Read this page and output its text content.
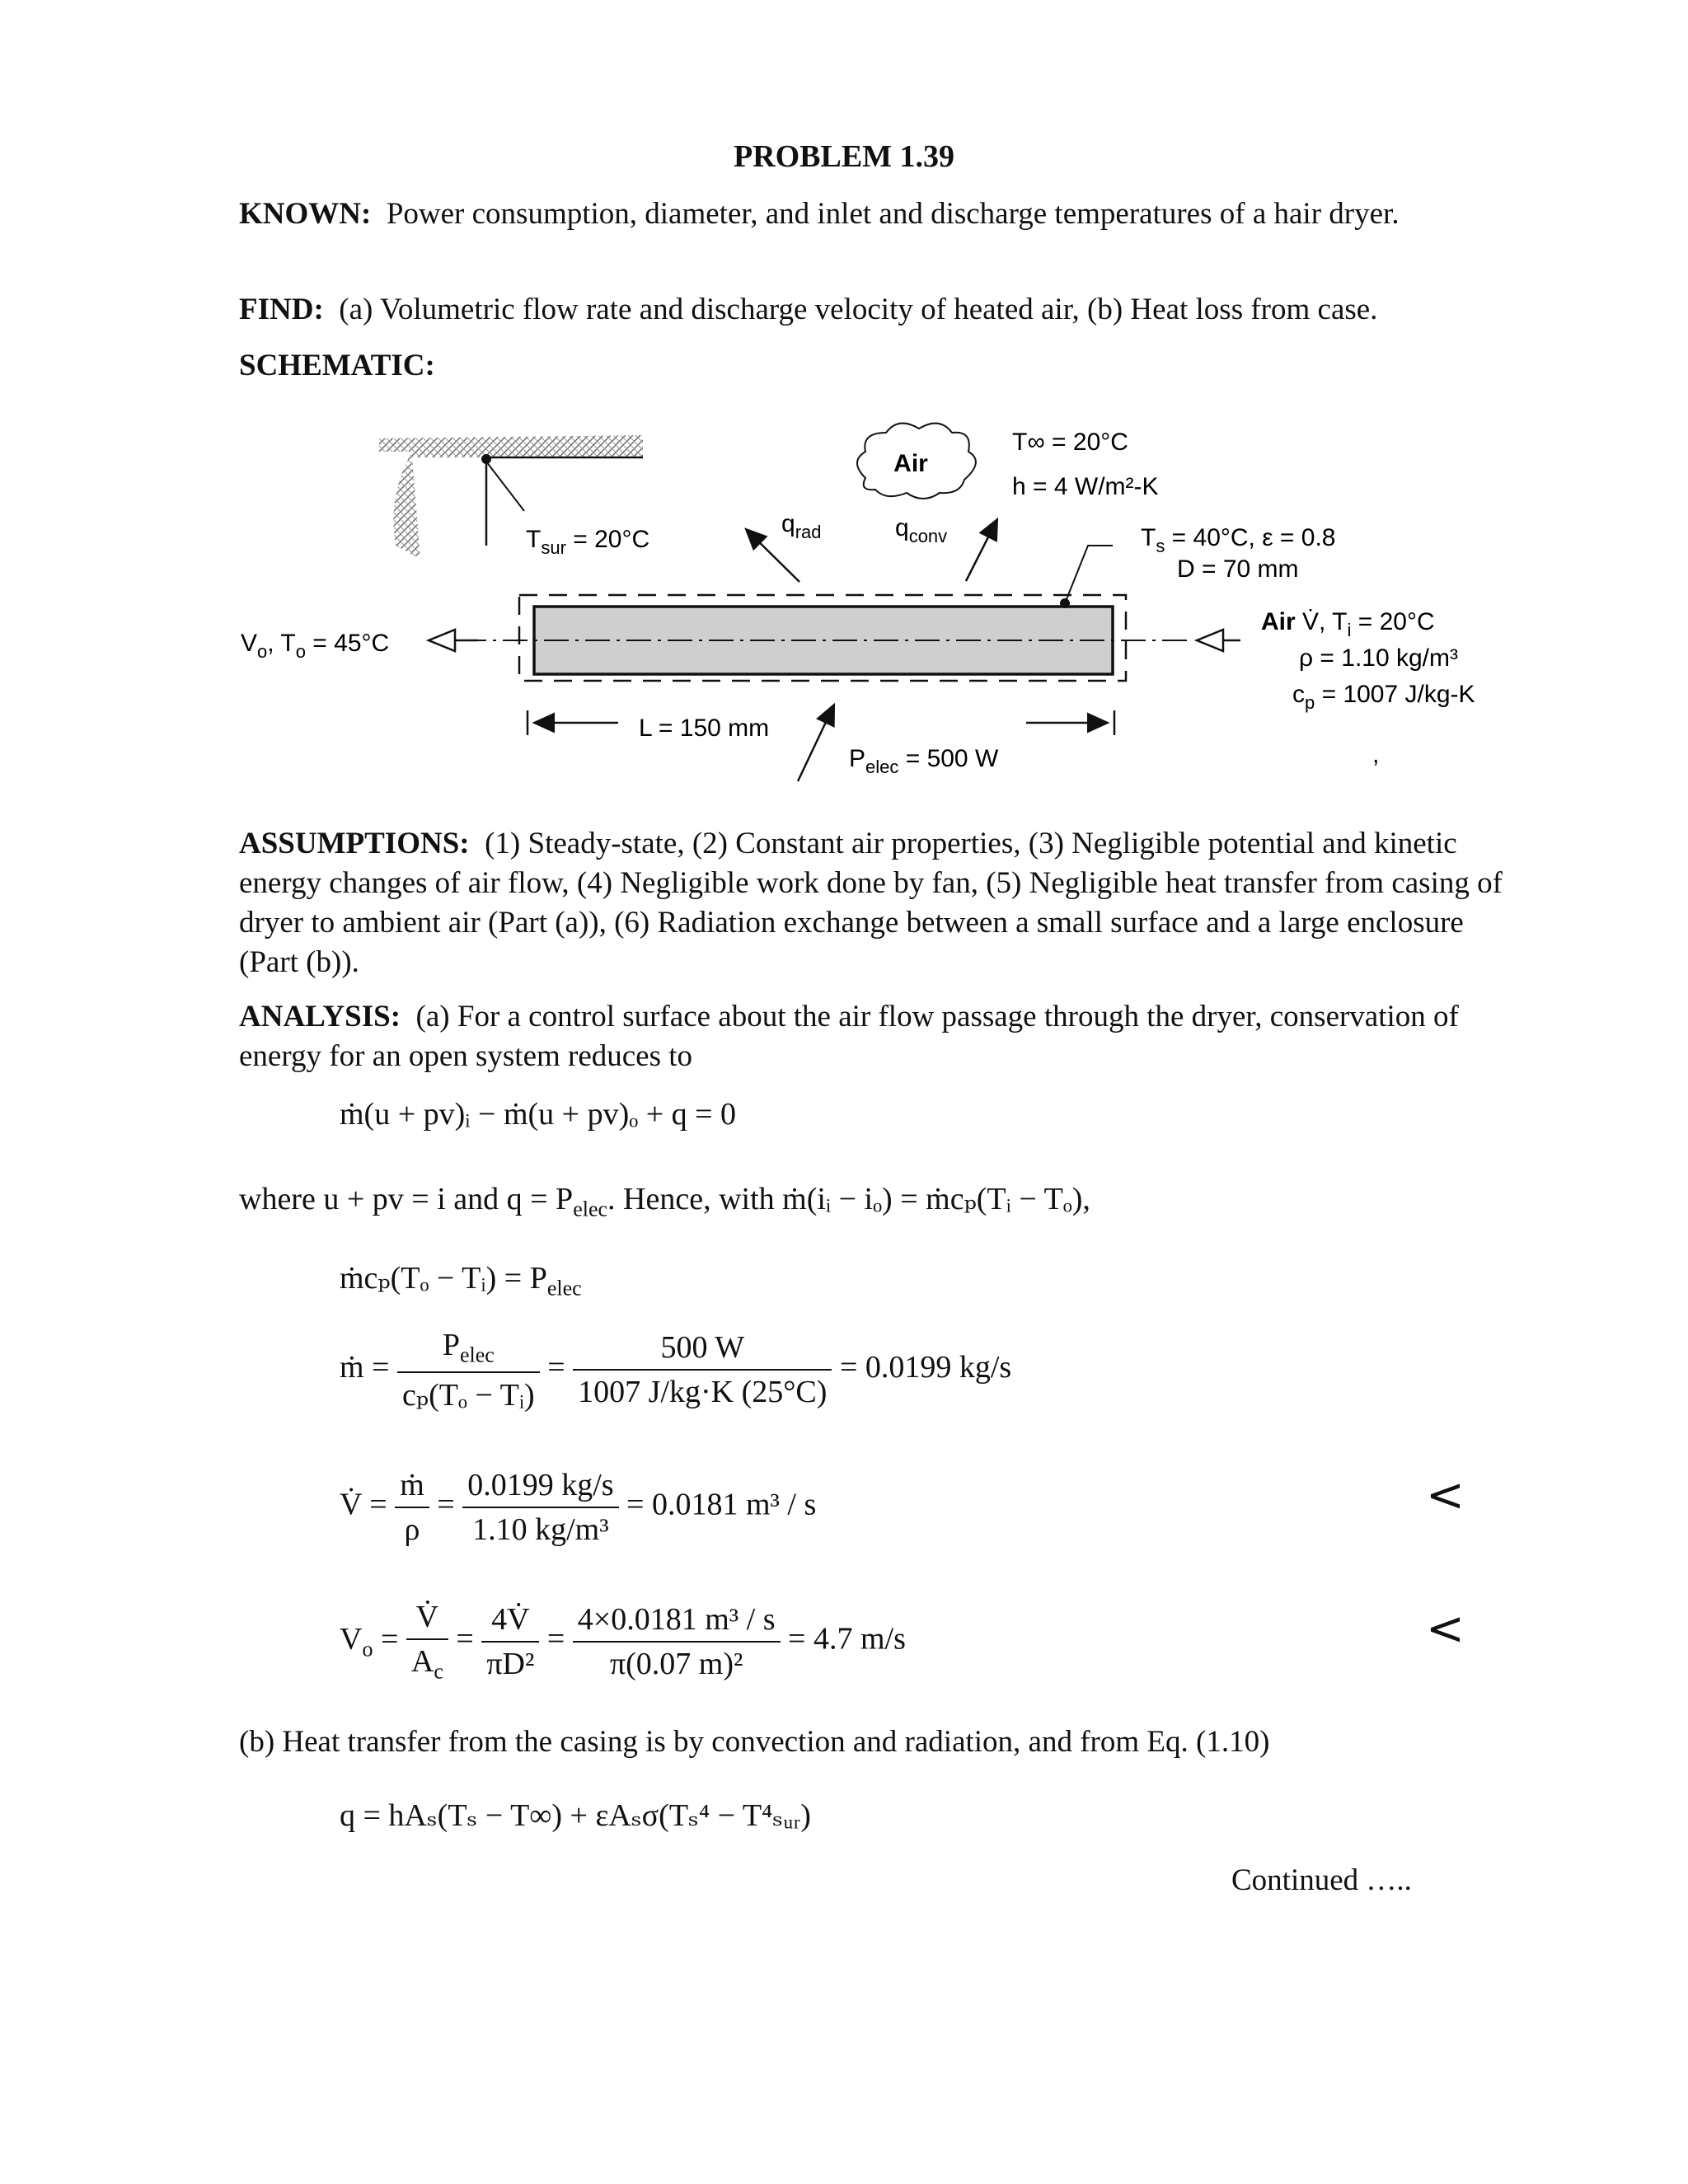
PROBLEM 1.39
KNOWN: Power consumption, diameter, and inlet and discharge temperatures of a hair dryer.
FIND: (a) Volumetric flow rate and discharge velocity of heated air, (b) Heat loss from case.
SCHEMATIC:
Air
T∞ = 20°C
h = 4 W/m²-K
$q_{rad}$	$q_{conv}$
$T_{sur} = 20^\circ C$	$T_s = 40^\circ C$, ε = 0.8
D = 70 mm
$V_o$, $T_o = 45^\circ C$
Air V̇, $T_i = 20^\circ C$
ρ = 1.10 kg/m³
$c_p = 1007$ J/kg-K
L = 150 mm
$P_{elec} = 500$ W	,
ASSUMPTIONS: (1) Steady-state, (2) Constant air properties, (3) Negligible potential and kinetic energy changes of air flow, (4) Negligible work done by fan, (5) Negligible heat transfer from casing of dryer to ambient air (Part (a)), (6) Radiation exchange between a small surface and a large enclosure (Part (b)).
ANALYSIS: (a) For a control surface about the air flow passage through the dryer, conservation of energy for an open system reduces to
ṁ(u + pv)ᵢ − ṁ(u + pv)ₒ + q = 0
where u + pv = i and $q = P_{elec}$. Hence, with ṁ(iᵢ − iₒ) = ṁcₚ(Tᵢ − Tₒ),
ṁcₚ(Tₒ − Tᵢ) = $P_{elec}$
ṁ = $\frac{P_{elec}}{\text{cₚ(Tₒ − Tᵢ)}} = \frac{500 W}{1007 J/kg\cdot K (25^\circ C)} = 0.0199$ kg/s
V̇ = $\frac{\text{ṁ}}{\rho} = \frac{0.0199 kg/s}{\text{1.10 kg/m³}} = 0.0181$ m³ / s	<
$V_o = \frac{V̇}{A_c} = \frac{4V̇}{\text{πD²}} = \frac{\text{4×0.0181 m³ / s}}{\text{π(0.07 m)²}} = 4.7$ m/s	<
(b) Heat transfer from the casing is by convection and radiation, and from Eq. (1.10)
q = hAₛ(Tₛ − T∞) + εAₛσ(Tₛ⁴ − T⁴ₛᵤᵣ)
Continued …..
